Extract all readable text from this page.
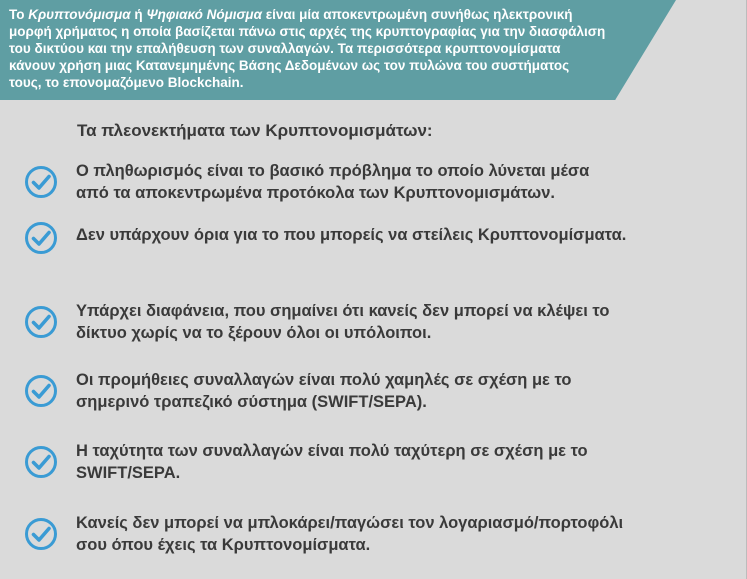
Το Κρυπτονόμισμα ή Ψηφιακό Νόμισμα είναι μία αποκεντρωμένη συνήθως ηλεκτρονική
μορφή χρήματος η οποία βασίζεται πάνω στις αρχές της κρυπτογραφίας για την διασφάλιση
του δικτύου και την επαλήθευση των συναλλαγών. Τα περισσότερα κρυπτονομίσματα
κάνουν χρήση μιας Κατανεμημένης Βάσης Δεδομένων ως τον πυλώνα του συστήματος
τους, το επονομαζόμενο Blockchain.
Τα πλεονεκτήματα των Κρυπτονομισμάτων:
Ο πληθωρισμός είναι το βασικό πρόβλημα το οποίο λύνεται μέσα
από τα αποκεντρωμένα προτόκολα των Κρυπτονομισμάτων.
Δεν υπάρχουν όρια για το που μπορείς να στείλεις Κρυπτονομίσματα.
Υπάρχει διαφάνεια, που σημαίνει ότι κανείς δεν μπορεί να κλέψει το
δίκτυο χωρίς να το ξέρουν όλοι οι υπόλοιποι.
Οι προμήθειες συναλλαγών είναι πολύ χαμηλές σε σχέση με το
σημερινό τραπεζικό σύστημα (SWIFT/SEPA).
Η ταχύτητα των συναλλαγών είναι πολύ ταχύτερη σε σχέση με το
SWIFT/SEPA.
Κανείς δεν μπορεί να μπλοκάρει/παγώσει τον λογαριασμό/πορτοφόλι
σου όπου έχεις τα Κρυπτονομίσματα.
